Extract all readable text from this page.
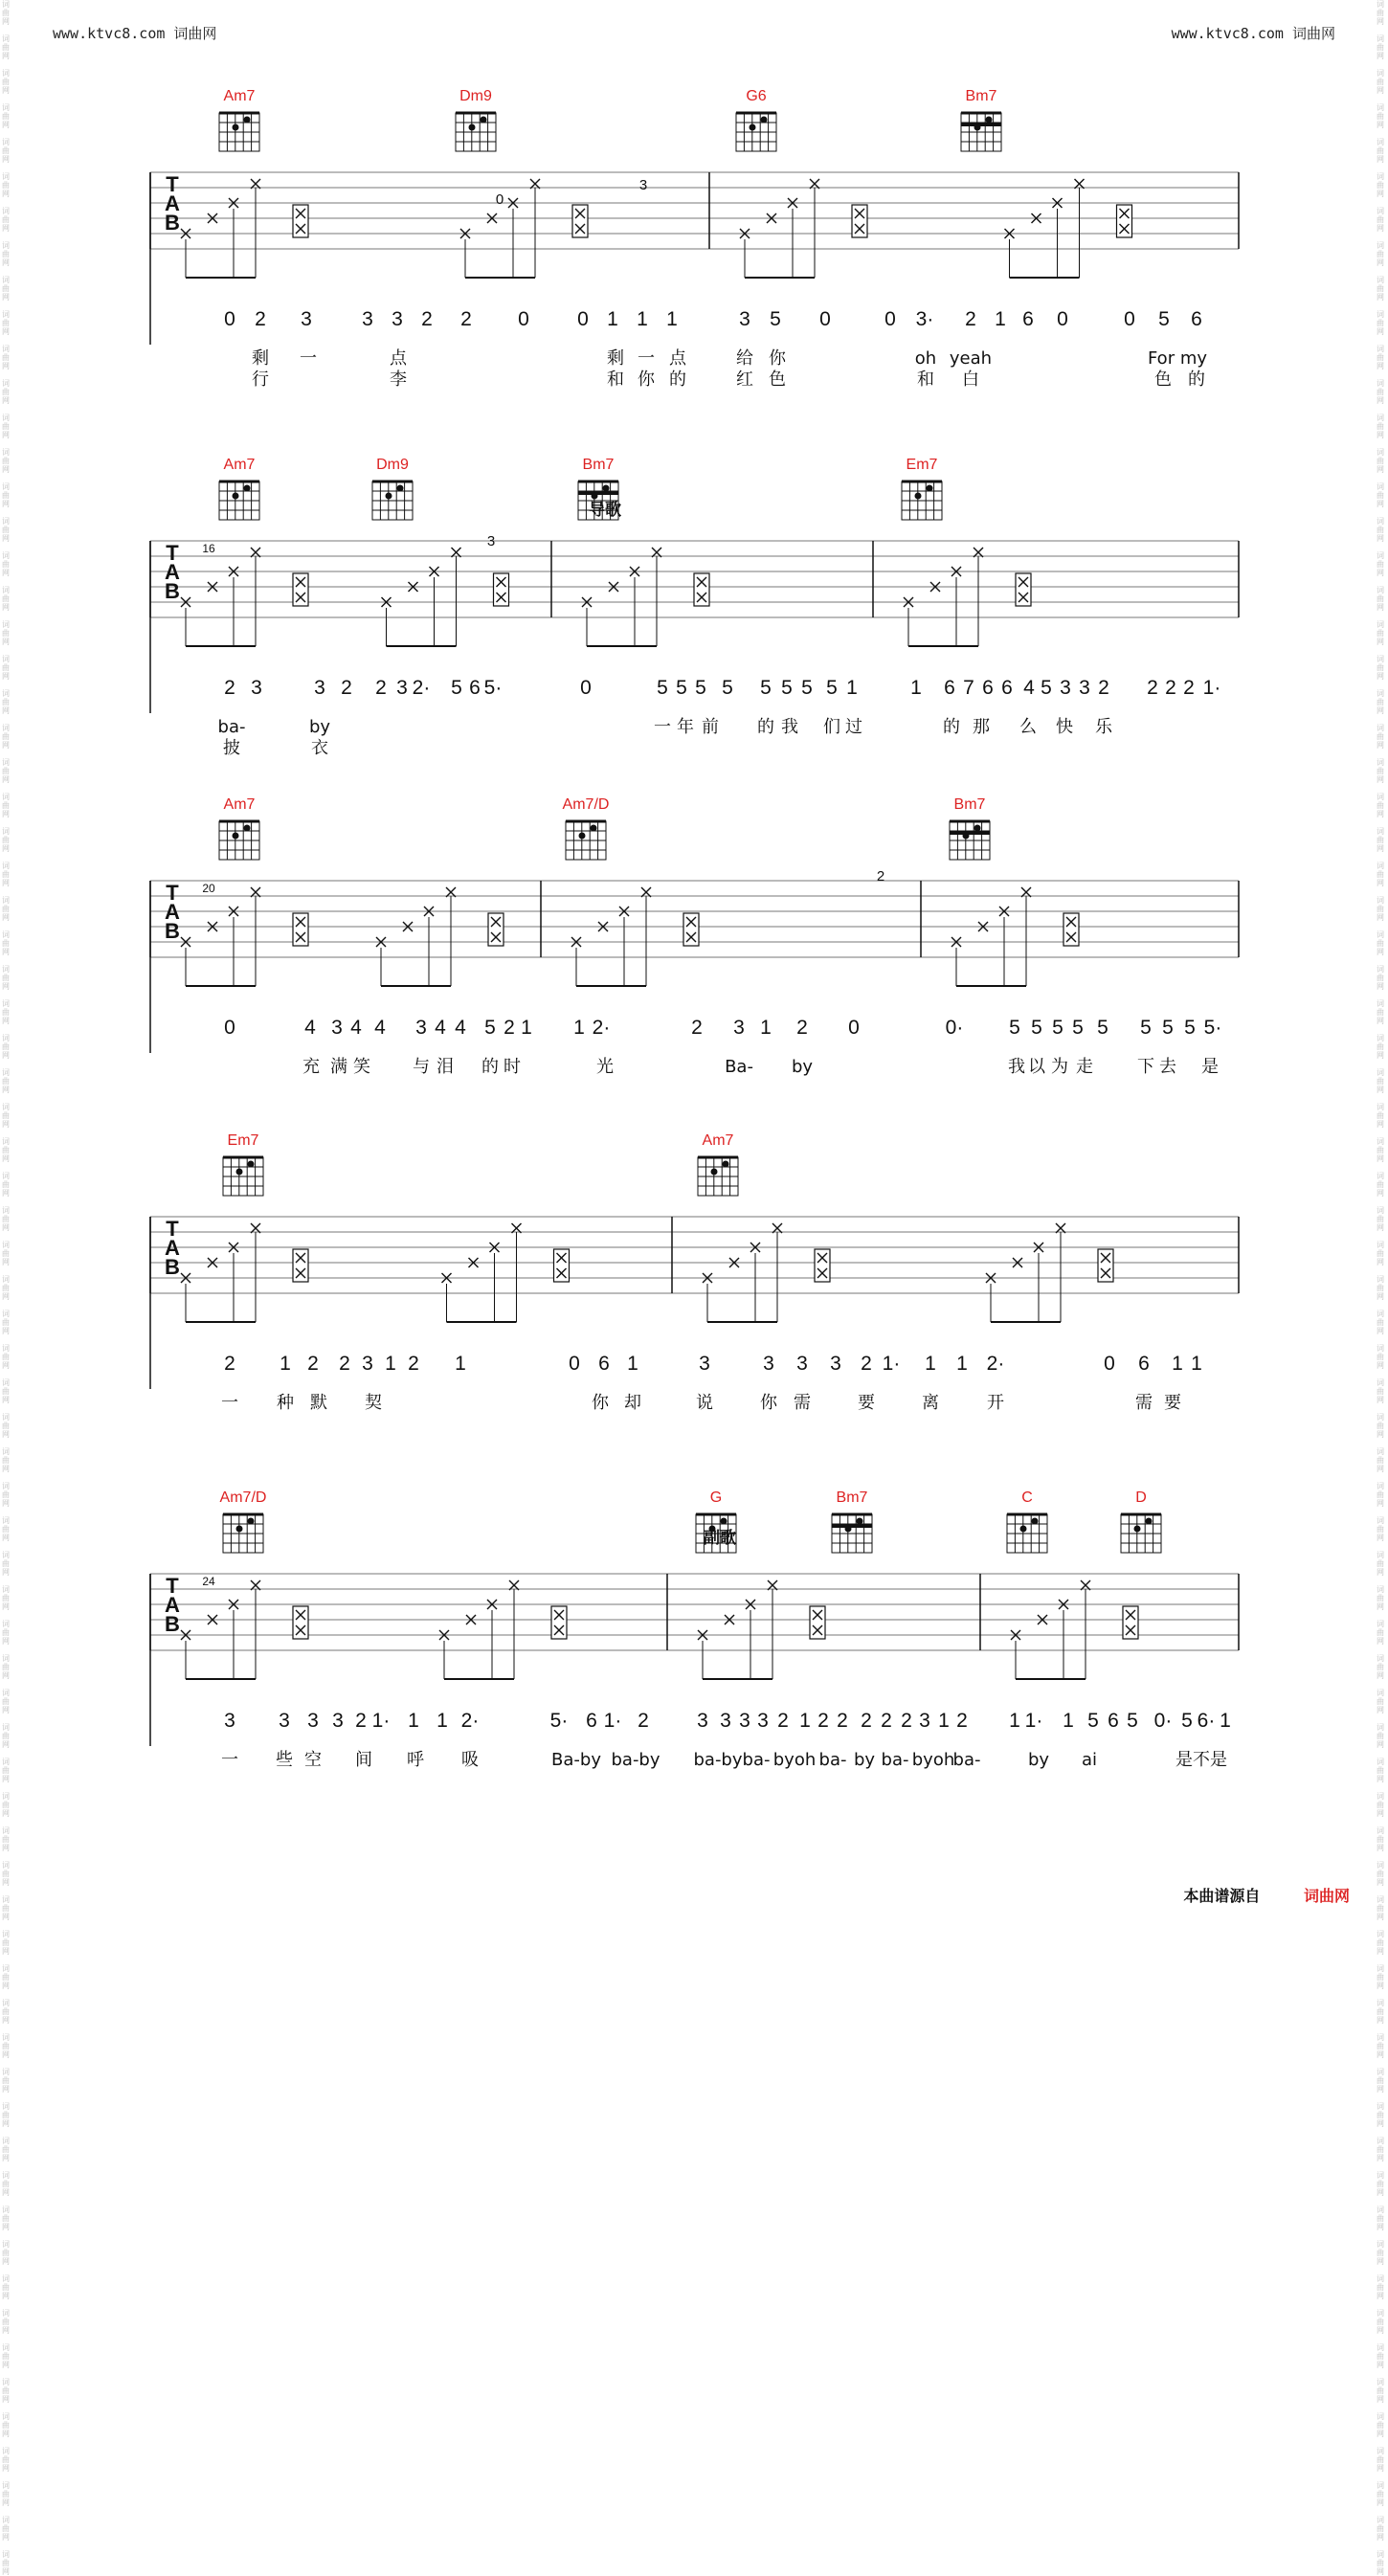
www.ktvc8.com 词曲网	www.ktvc8.com 词曲网
词
曲
网

词
曲
网

词
曲
网

词
曲
网

词
曲
网

词
曲
网

词
曲
网

词
曲
网

词
曲
网

词
曲
网

词
曲
网

词
曲
网

词
曲
网

词
曲
网

词
曲
网

词
曲
网

词
曲
网

词
曲
网

词
曲
网

词
曲
网

词
曲
网

词
曲
网

词
曲
网

词
曲
网

词
曲
网

词
曲
网

词
曲
网

词
曲
网

词
曲
网

词
曲
网

词
曲
网

词
曲
网

词
曲
网

词
曲
网

词
曲
网

词
曲
网

词
曲
网

词
曲
网

词
曲
网

词
曲
网

词
曲
网

词
曲
网

词
曲
网

词
曲
网

词
曲
网

词
曲
网

词
曲
网

词
曲
网

词
曲
网

词
曲
网

词
曲
网

词
曲
网

词
曲
网

词
曲
网

词
曲
网

词
曲
网

词
曲
网

词
曲
网

词
曲
网

词
曲
网

词
曲
网

词
曲
网

词
曲
网

词
曲
网

词
曲
网

词
曲
网

词
曲
网

词
曲
网

词
曲
网

词
曲
网

词
曲
网

词
曲
网

词
曲
网

词
曲
网

词
曲
网

词
曲
网

词
曲
网

词
曲
网

词
曲
网

词
曲
网

词
曲
网

词
曲
网

词
曲
网

词
曲
网

词
曲
网

词
曲
网

词
曲
网

词
曲
网

词
曲
网

词
曲
网

词
曲
网

词
曲
网

词
曲
网

词
曲
网

词
曲
网

词
曲
网

词
曲
网

词
曲
网

词
曲
网

词
曲
网

词
曲
网

词
曲
网

词
曲
网

词
曲
网

词
曲
网

词
曲
网

词
曲
网

词
曲
网

词
曲
网

词
曲
网

词
曲
网

词
曲
网

词
曲
网

词
曲
网

词
曲
网

词
曲
网

词
曲
网

词
曲
网

词
曲
网

词
曲
网

词
曲
网

词
曲
网

词
曲
网

词
曲
网

词
曲
网

词
曲
网

词
曲
网

词
曲
网

词
曲
网

词
曲
网

词
曲
网

词
曲
网

词
曲
网

词
曲
网

词
曲
网

词
曲
网

词
曲
网

词
曲
网

词
曲
网

词
曲
网

词
曲
网

词
曲
网

词
曲
网

词
曲
网

词
曲
网

词
曲
网

词
曲
网

词
曲
网

词
曲
网

词
曲
网

Am7	Dm9	G6	Bm7
T
A
B
0
3
0 2 3 3 3 2 2 0 0 1 1 1	3 5 0	0 3· 2 1 6 0	0 5 6
剩 一	点	剩 一 点	给 你	oh yeah	For my
行	李	和 你 的	红 色	和 白	色 的
Am7	Dm9	Bm7	Em7
T
A
B
16	3
2 3	3 2 2 3 2· 5 6 5·	0	5 5 5 5 5 5 5 5 1	1 6 7 6 6 4 5 3 3 2 2 2 2 1·
ba-	by	一 年 前 的 我 们 过	的 那 么 快 乐
披	衣
Am7	Am7/D	Bm7
T
A
B
20
2
0	4 3 4 4 3 4 4 5 2 1 1 2·	2 3 1 2 0	0· 5 5 5 5 5 5 5 5 5·
充 满 笑 与 泪 的 时	光	Ba- by	我 以 为 走	下 去 是
Em7	Am7
T
A
B
2 1 2 2 3 1 2 1	0 6 1	3	3 3 3 2 1· 1 1 2·	0 6 1 1
一 种 默 契	你 却	说	你 需	要	离	开	需 要
Am7/D	G	Bm7	C	D
T
A
B
24
3 3 3 3 2 1· 1 1 2·	5· 6 1· 2 3 3 3 3 2 1 2 2 2 2 2 3 1 2 1 1· 1 5 6 5 0· 5 6· 1
一 些 空 间 呼 吸	Ba-by ba-by ba-by ba- byoh ba- by ba- byoh
ba-	by ai	是不是
导歌
副歌
本曲谱源自	词曲网
